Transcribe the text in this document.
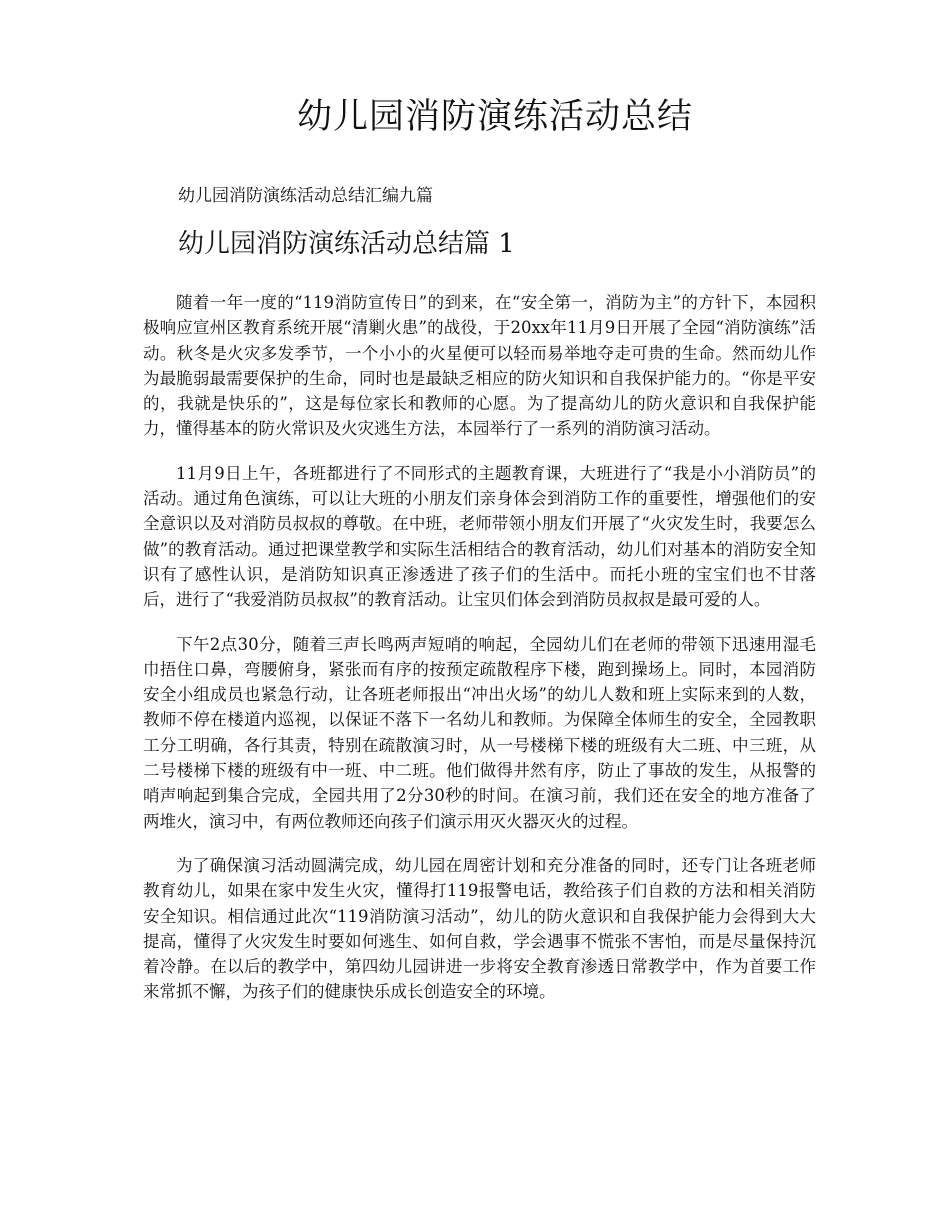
幼儿园消防演练活动总结

幼儿园消防演练活动总结汇编九篇

幼儿园消防演练活动总结篇 1

随着一年一度的“119消防宣传日”的到来，在“安全第一，消防为主”的方针下，本园积极响应宣州区教育系统开展“清剿火患”的战役，于20xx年11月9日开展了全园“消防演练”活动。秋冬是火灾多发季节，一个小小的火星便可以轻而易举地夺走可贵的生命。然而幼儿作为最脆弱最需要保护的生命，同时也是最缺乏相应的防火知识和自我保护能力的。“你是平安的，我就是快乐的”，这是每位家长和教师的心愿。为了提高幼儿的防火意识和自我保护能力，懂得基本的防火常识及火灾逃生方法，本园举行了一系列的消防演习活动。

11月9日上午，各班都进行了不同形式的主题教育课，大班进行了“我是小小消防员”的活动。通过角色演练，可以让大班的小朋友们亲身体会到消防工作的重要性，增强他们的安全意识以及对消防员叔叔的尊敬。在中班，老师带领小朋友们开展了“火灾发生时，我要怎么做”的教育活动。通过把课堂教学和实际生活相结合的教育活动，幼儿们对基本的消防安全知识有了感性认识，是消防知识真正渗透进了孩子们的生活中。而托小班的宝宝们也不甘落后，进行了“我爱消防员叔叔”的教育活动。让宝贝们体会到消防员叔叔是最可爱的人。

下午2点30分，随着三声长鸣两声短哨的响起，全园幼儿们在老师的带领下迅速用湿毛巾捂住口鼻，弯腰俯身，紧张而有序的按预定疏散程序下楼，跑到操场上。同时，本园消防安全小组成员也紧急行动，让各班老师报出“冲出火场”的幼儿人数和班上实际来到的人数，教师不停在楼道内巡视，以保证不落下一名幼儿和教师。为保障全体师生的安全，全园教职工分工明确，各行其责，特别在疏散演习时，从一号楼梯下楼的班级有大二班、中三班，从二号楼梯下楼的班级有中一班、中二班。他们做得井然有序，防止了事故的发生，从报警的哨声响起到集合完成，全园共用了2分30秒的时间。在演习前，我们还在安全的地方准备了两堆火，演习中，有两位教师还向孩子们演示用灭火器灭火的过程。

为了确保演习活动圆满完成，幼儿园在周密计划和充分准备的同时，还专门让各班老师教育幼儿，如果在家中发生火灾，懂得打119报警电话，教给孩子们自救的方法和相关消防安全知识。相信通过此次“119消防演习活动”，幼儿的防火意识和自我保护能力会得到大大提高，懂得了火灾发生时要如何逃生、如何自救，学会遇事不慌张不害怕，而是尽量保持沉着冷静。在以后的教学中，第四幼儿园讲进一步将安全教育渗透日常教学中，作为首要工作来常抓不懈，为孩子们的健康快乐成长创造安全的环境。
